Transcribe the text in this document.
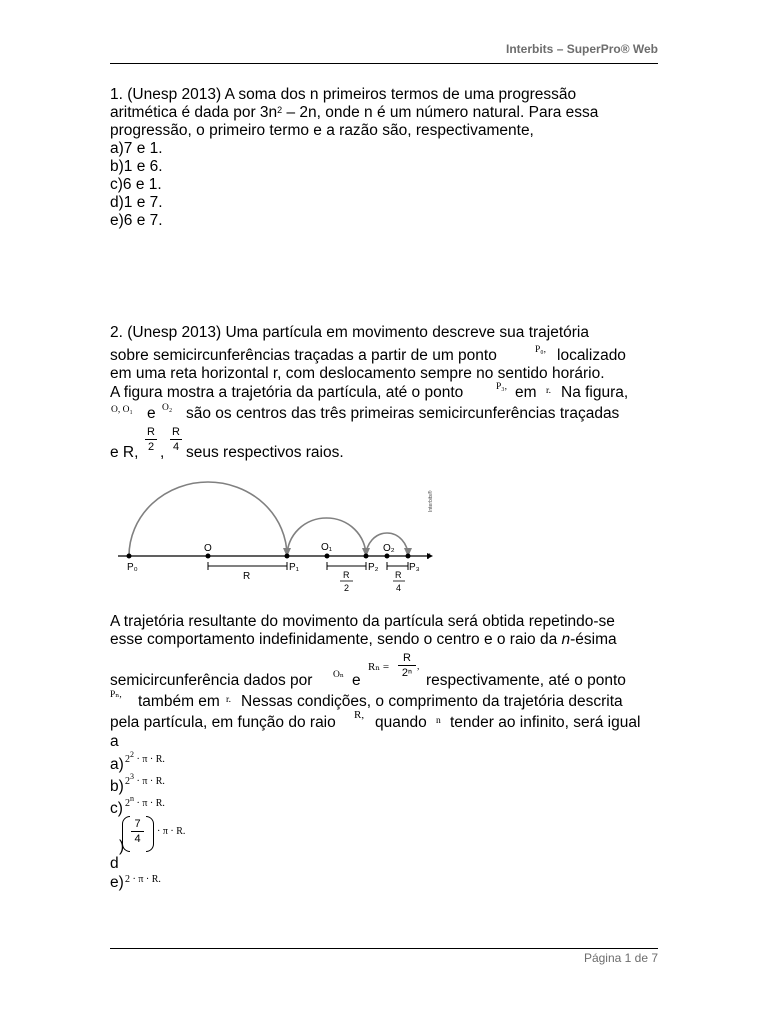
Interbits – SuperPro® Web
1. (Unesp 2013) A soma dos n primeiros termos de uma progressão
aritmética é dada por $3n^2 - 2n$, onde n é um número natural. Para essa
progressão, o primeiro termo e a razão são, respectivamente,
a)7 e 1.
b)1 e 6.
c)6 e 1.
d)1 e 7.
e)6 e 7.
2. (Unesp 2013) Uma partícula em movimento descreve sua trajetória
sobre semicircunferências traçadas a partir de um ponto	P₀, localizado
em uma reta horizontal r, com deslocamento sempre no sentido horário.
A figura mostra a trajetória da partícula, até o ponto	P₃, em r. Na figura,
O, O₁ e O₂ são os centros das três primeiras semicircunferências traçadas
e R,
R
2 ,
R
4 seus respectivos raios.
O	O₁	O₂
r
P₀	P₁	P₂	P₃
R	R
2
R
4
Interbits®
A trajetória resultante do movimento da partícula será obtida repetindo-se
esse comportamento indefinidamente, sendo o centro e o raio da n-ésima
semicircunferência dados por Oₙ e
Rₙ =
R
2ⁿ ,
respectivamente, até o ponto
Pₙ, também em r. Nessas condições, o comprimento da trajetória descrita
pela partícula, em função do raio R, quando n tender ao infinito, será igual
a
a) $2^2 \cdot \pi \cdot R$.
b) $2^3 \cdot \pi \cdot R$.
c) $2^n \cdot \pi \cdot R$.
)
7
4
· π · R.
d
e) 2 · π · R.
Página 1 de 7
